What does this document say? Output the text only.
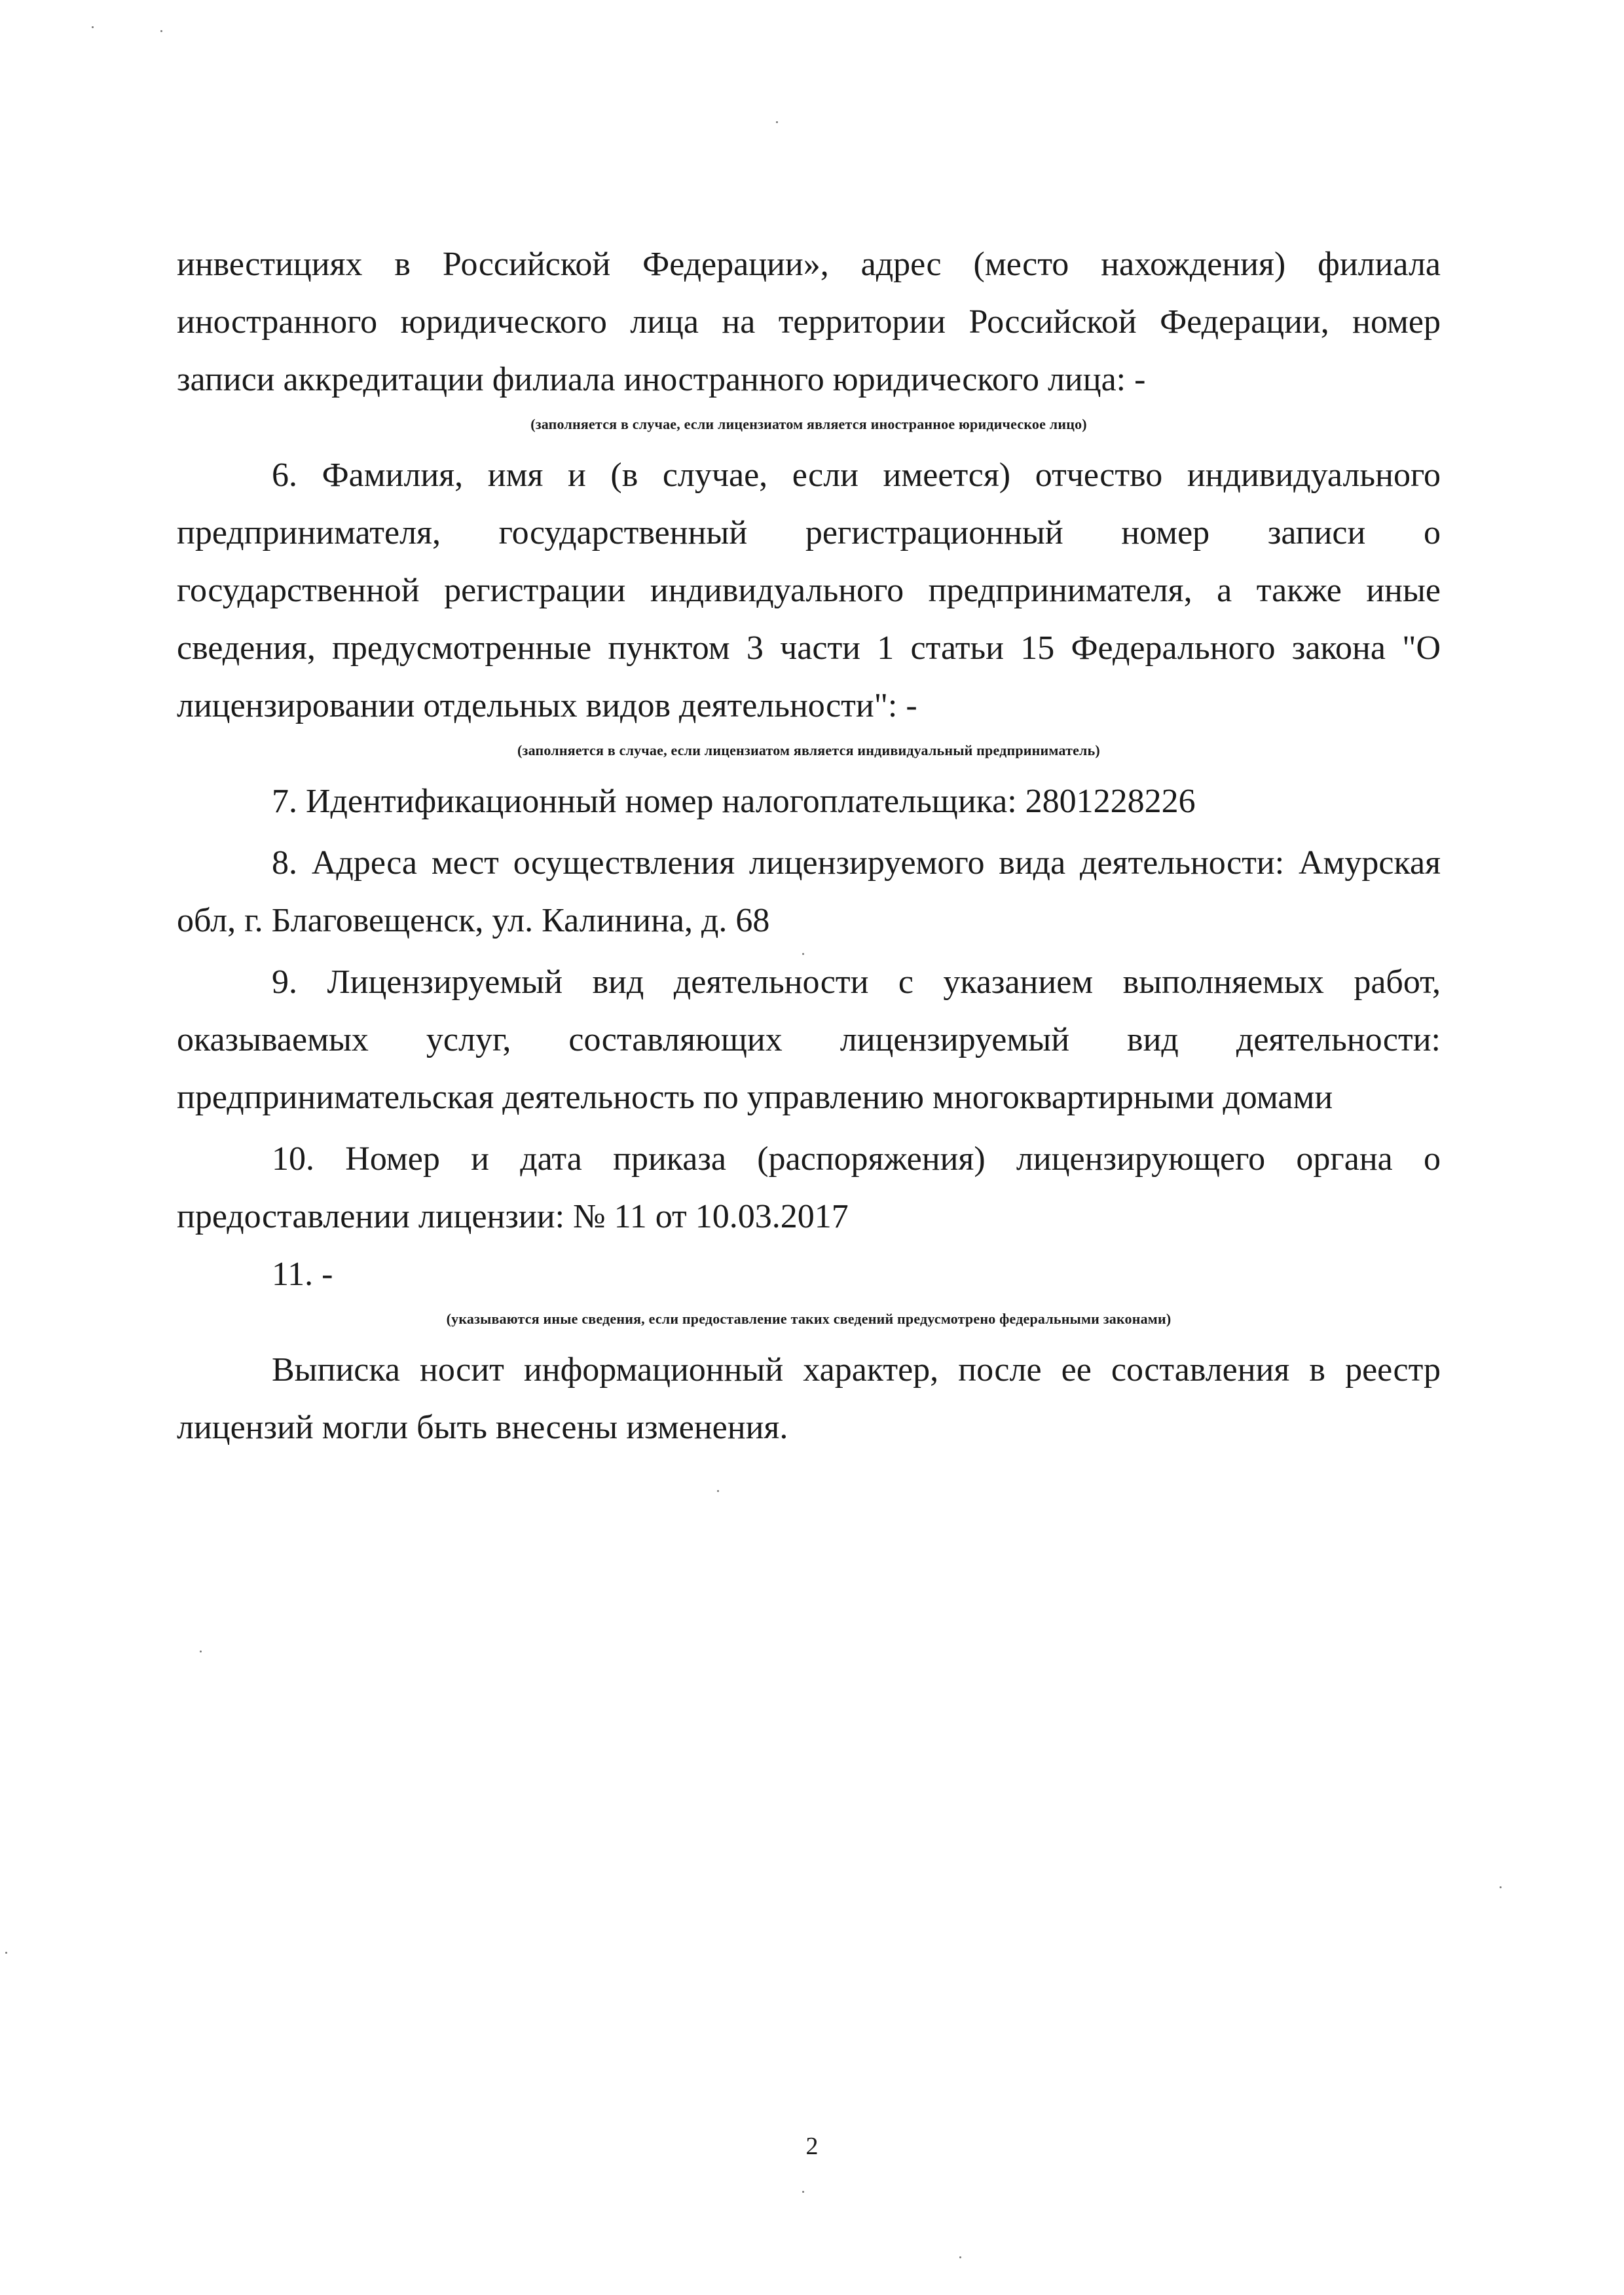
инвестициях в Российской Федерации», адрес (место нахождения) филиала иностранного юридического лица на территории Российской Федерации, номер записи аккредитации филиала иностранного юридического лица: -

(заполняется в случае, если лицензиатом является иностранное юридическое лицо)

6. Фамилия, имя и (в случае, если имеется) отчество индивидуального предпринимателя, государственный регистрационный номер записи о государственной регистрации индивидуального предпринимателя, а также иные сведения, предусмотренные пунктом 3 части 1 статьи 15 Федерального закона "О лицензировании отдельных видов деятельности": -

(заполняется в случае, если лицензиатом является индивидуальный предприниматель)

7. Идентификационный номер налогоплательщика: 2801228226

8. Адреса мест осуществления лицензируемого вида деятельности: Амурская обл, г. Благовещенск, ул. Калинина, д. 68

9. Лицензируемый вид деятельности с указанием выполняемых работ, оказываемых услуг, составляющих лицензируемый вид деятельности: предпринимательская деятельность по управлению многоквартирными домами

10. Номер и дата приказа (распоряжения) лицензирующего органа о предоставлении лицензии: № 11 от 10.03.2017

11. -

(указываются иные сведения, если предоставление таких сведений предусмотрено федеральными законами)

Выписка носит информационный характер, после ее составления в реестр лицензий могли быть внесены изменения.

2
